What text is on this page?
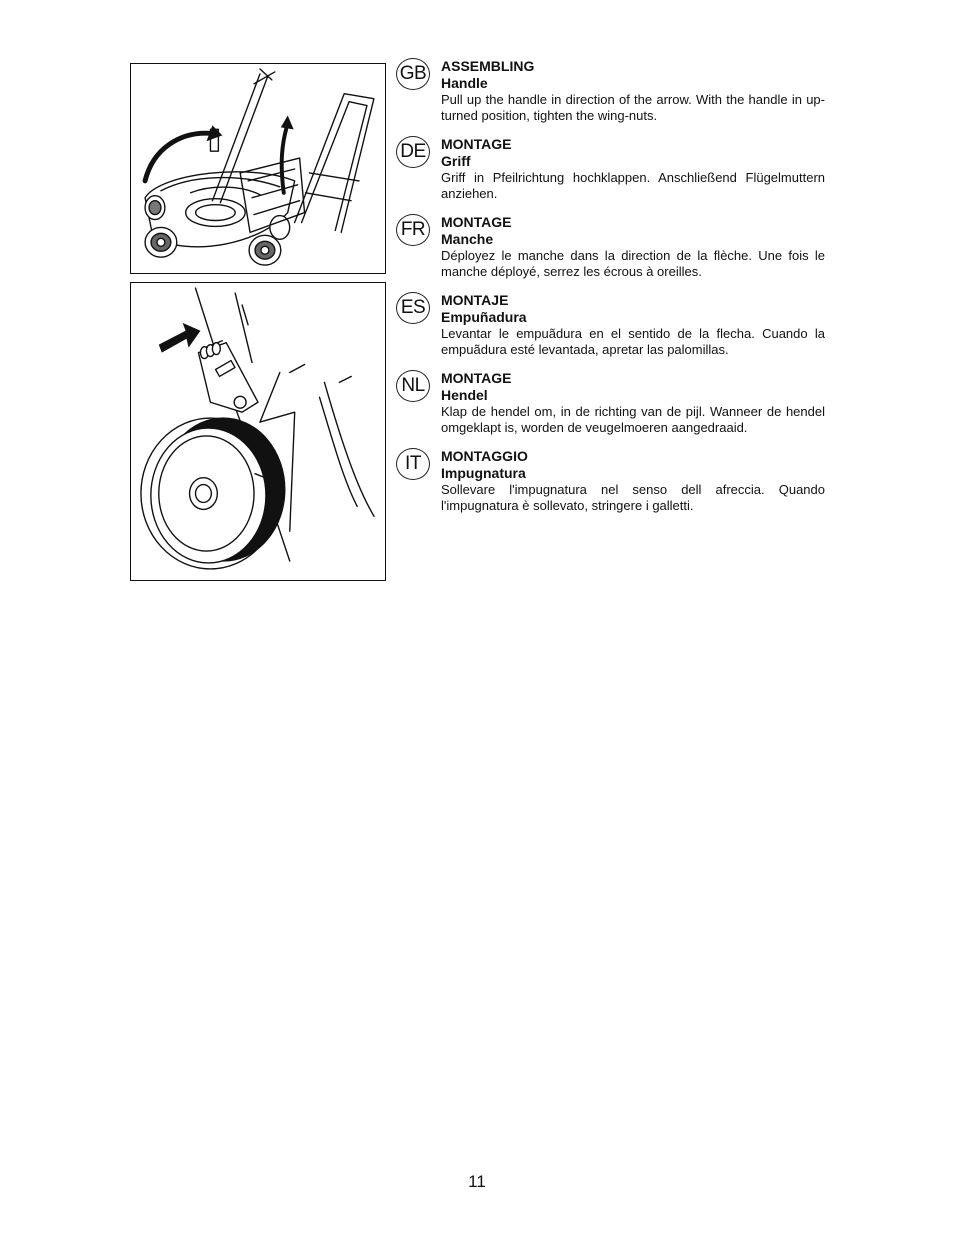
GB ASSEMBLING

Handle

Pull up the handle in direction of the arrow. With the handle in up-turned position, tighten the wing-nuts.

DE	MONTAGE

Griff

Griff in Pfeilrichtung hochklappen. Anschließend Flügelmuttern anziehen.

FR	MONTAGE

Manche

Déployez le manche dans la direction de la flèche. Une fois le manche déployé, serrez les écrous à oreilles.

ES	MONTAJE

Empuñadura

Levantar le empuãdura en el sentido de la flecha. Cuando la empuãdura esté levantada, apretar las palomillas.

NL	MONTAGE

Hendel

Klap de hendel om, in de richting van de pijl. Wanneer de hendel omgeklapt is, worden de veugelmoeren aangedraaid.

IT	MONTAGGIO

Impugnatura

Sollevare l'impugnatura nel senso dell afreccia. Quando l'impugnatura è sollevato, stringere i galletti.

11
